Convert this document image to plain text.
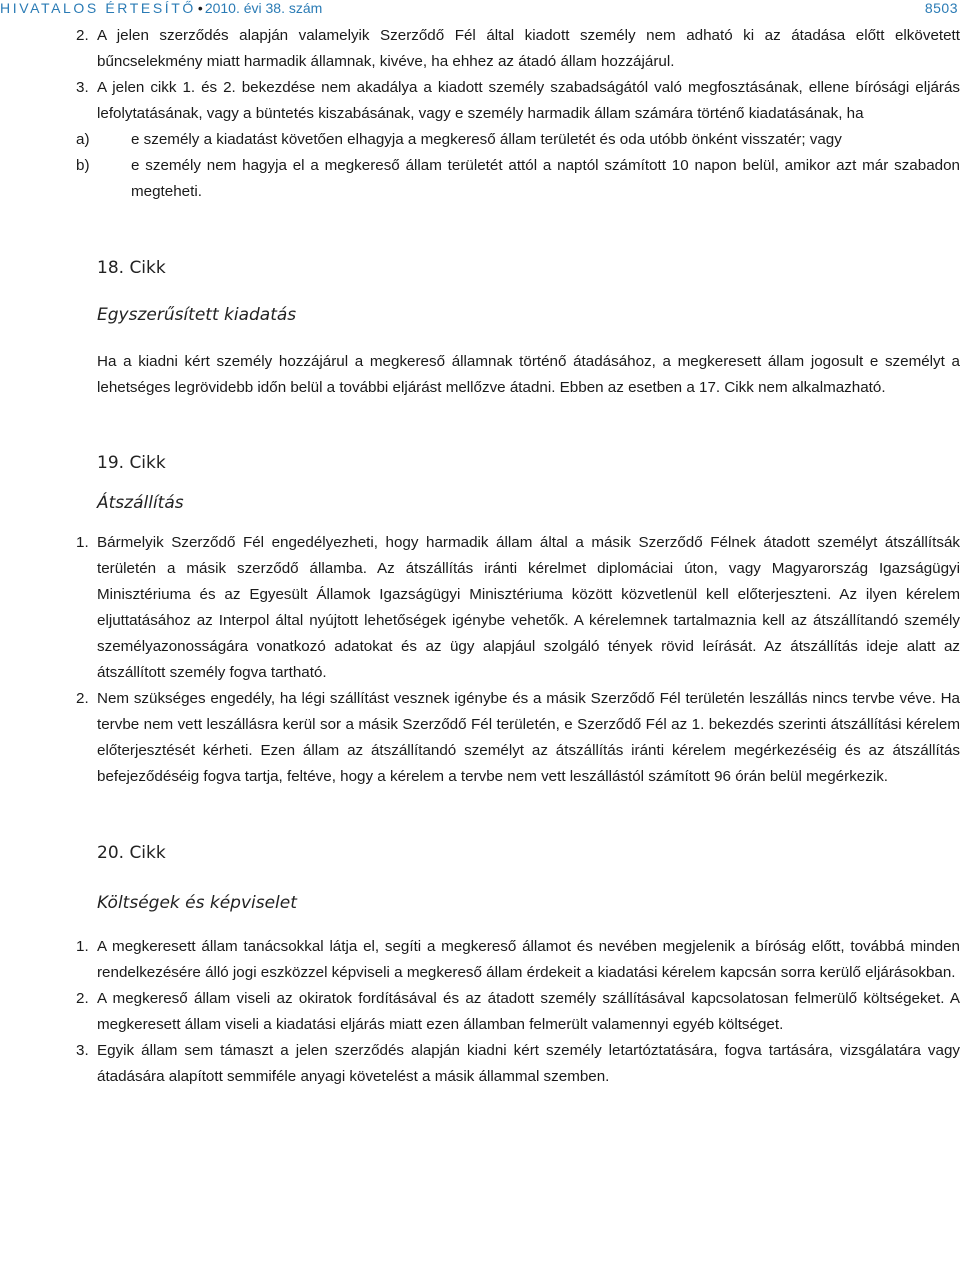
HIVATALOS ÉRTESÍTŐ • 2010. évi 38. szám	8503
2. A jelen szerződés alapján valamelyik Szerződő Fél által kiadott személy nem adható ki az átadása előtt elkövetett bűncselekmény miatt harmadik államnak, kivéve, ha ehhez az átadó állam hozzájárul.
3. A jelen cikk 1. és 2. bekezdése nem akadálya a kiadott személy szabadságától való megfosztásának, ellene bírósági eljárás lefolytatásának, vagy a büntetés kiszabásának, vagy e személy harmadik állam számára történő kiadatásának, ha
a)	e személy a kiadatást követően elhagyja a megkereső állam területét és oda utóbb önként visszatér; vagy
b)	e személy nem hagyja el a megkereső állam területét attól a naptól számított 10 napon belül, amikor azt már szabadon megteheti.
18. Cikk
Egyszerűsített kiadatás
Ha a kiadni kért személy hozzájárul a megkereső államnak történő átadásához, a megkeresett állam jogosult e személyt a lehetséges legrövidebb időn belül a további eljárást mellőzve átadni. Ebben az esetben a 17. Cikk nem alkalmazható.
19. Cikk
Átszállítás
1. Bármelyik Szerződő Fél engedélyezheti, hogy harmadik állam által a másik Szerződő Félnek átadott személyt átszállítsák területén a másik szerződő államba. Az átszállítás iránti kérelmet diplomáciai úton, vagy Magyarország Igazságügyi Minisztériuma és az Egyesült Államok Igazságügyi Minisztériuma között közvetlenül kell előterjeszteni. Az ilyen kérelem eljuttatásához az Interpol által nyújtott lehetőségek igénybe vehetők. A kérelemnek tartalmaznia kell az átszállítandó személy személyazonosságára vonatkozó adatokat és az ügy alapjául szolgáló tények rövid leírását. Az átszállítás ideje alatt az átszállított személy fogva tartható.
2. Nem szükséges engedély, ha légi szállítást vesznek igénybe és a másik Szerződő Fél területén leszállás nincs tervbe véve. Ha tervbe nem vett leszállásra kerül sor a másik Szerződő Fél területén, e Szerződő Fél az 1. bekezdés szerinti átszállítási kérelem előterjesztését kérheti. Ezen állam az átszállítandó személyt az átszállítás iránti kérelem megérkezéséig és az átszállítás befejeződéséig fogva tartja, feltéve, hogy a kérelem a tervbe nem vett leszállástól számított 96 órán belül megérkezik.
20. Cikk
Költségek és képviselet
1. A megkeresett állam tanácsokkal látja el, segíti a megkereső államot és nevében megjelenik a bíróság előtt, továbbá minden rendelkezésére álló jogi eszközzel képviseli a megkereső állam érdekeit a kiadatási kérelem kapcsán sorra kerülő eljárásokban.
2. A megkereső állam viseli az okiratok fordításával és az átadott személy szállításával kapcsolatosan felmerülő költségeket. A megkeresett állam viseli a kiadatási eljárás miatt ezen államban felmerült valamennyi egyéb költséget.
3. Egyik állam sem támaszt a jelen szerződés alapján kiadni kért személy letartóztatására, fogva tartására, vizsgálatára vagy átadására alapított semmiféle anyagi követelést a másik állammal szemben.
